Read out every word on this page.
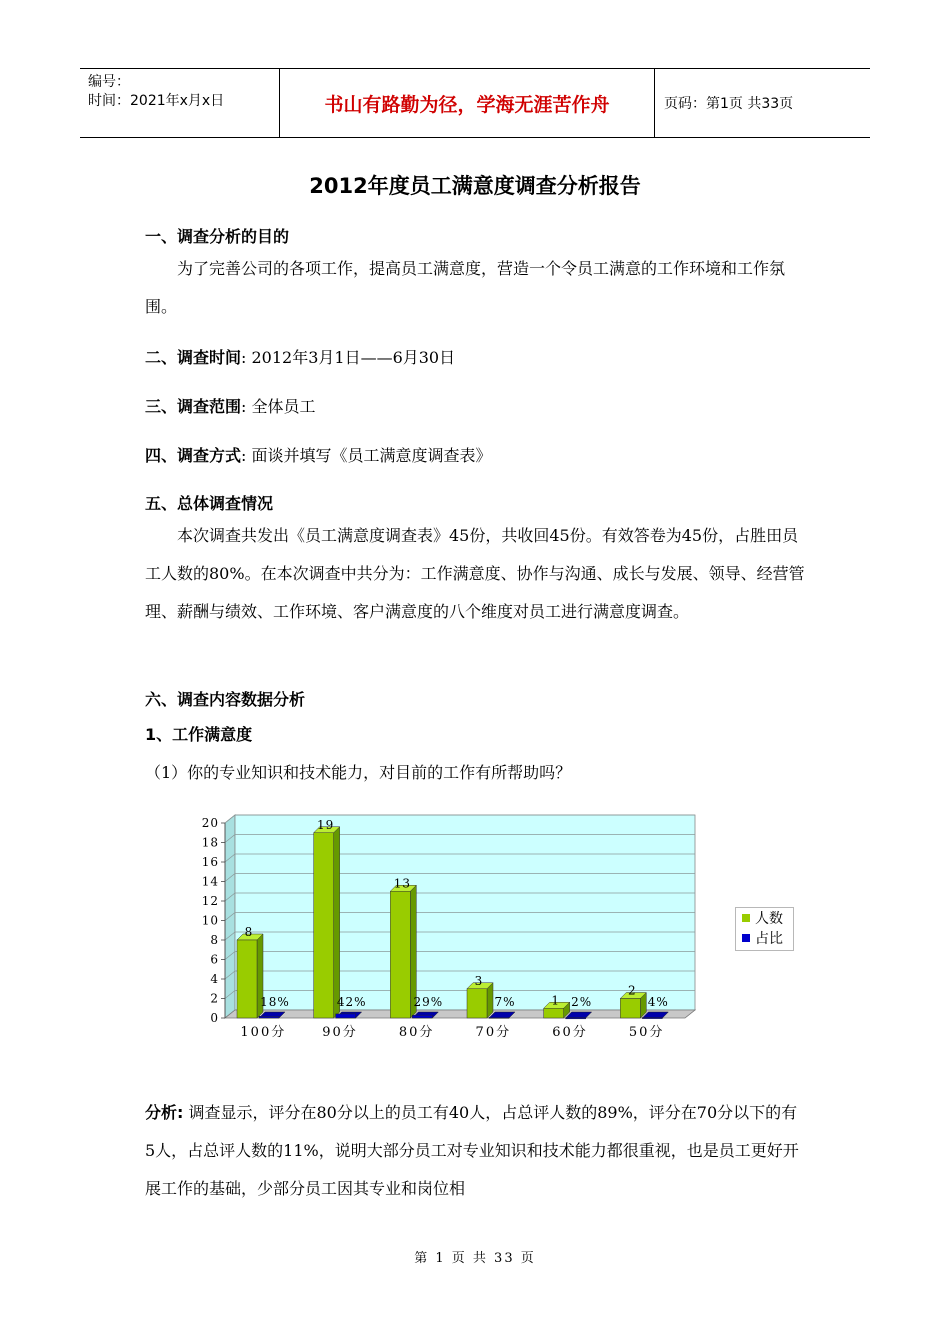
编号：
时间：2021年x月x日	书山有路勤为径，学海无涯苦作舟	页码：第1页 共33页
2012年度员工满意度调查分析报告
一、调查分析的目的

为了完善公司的各项工作，提高员工满意度，营造一个令员工满意的工作环境和工作氛围。

二、调查时间: 2012年3月1日——6月30日
三、调查范围: 全体员工
四、调查方式: 面谈并填写《员工满意度调查表》
五、总体调查情况

本次调查共发出《员工满意度调查表》45份，共收回45份。有效答卷为45份，占胜田员工人数的80%。在本次调查中共分为：工作满意度、协作与沟通、成长与发展、领导、经营管理、薪酬与绩效、工作环境、客户满意度的八个维度对员工进行满意度调查。

六、调查内容数据分析
1、工作满意度
（1）你的专业知识和技术能力，对目前的工作有所帮助吗？
0
2
4
6
8
10
12
14
16
18
20
8
18%
100分
19
42%
90分
13
29%
80分
3
7%
70分
1 2%
60分
2
4%
50分
人数
占比

分析: 调查显示，评分在80分以上的员工有40人，占总评人数的89%，评分在70分以下的有5人，占总评人数的11%，说明大部分员工对专业知识和技术能力都很重视，也是员工更好开展工作的基础，少部分员工因其专业和岗位相

第 1 页 共 33 页
